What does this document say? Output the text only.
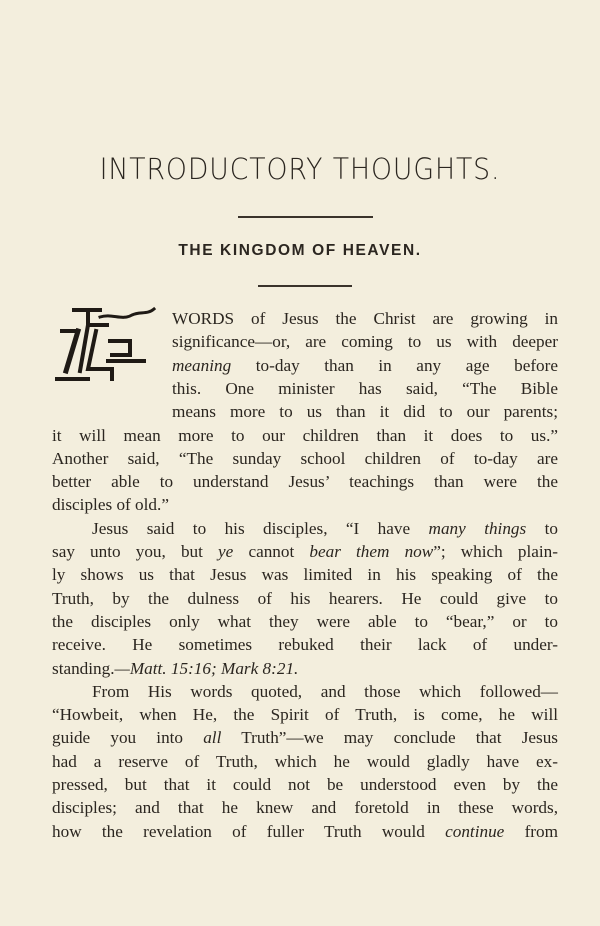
INTRODUCTORY THOUGHTS.
THE KINGDOM OF HEAVEN.
WORDS of Jesus the Christ are growing in
significance—or, are coming to us with deeper
meaning to-day than in any age before
this. One minister has said, “The Bible
means more to us than it did to our parents;
it will mean more to our children than it does to us.”
Another said, “The sunday school children of to-day are
better able to understand Jesus’ teachings than were the
disciples of old.”
Jesus said to his disciples, “I have many things to
say unto you, but ye cannot bear them now”; which plain-
ly shows us that Jesus was limited in his speaking of the
Truth, by the dulness of his hearers. He could give to
the disciples only what they were able to “bear,” or to
receive. He sometimes rebuked their lack of under-
standing.—Matt. 15:16; Mark 8:21.
From His words quoted, and those which followed—
“Howbeit, when He, the Spirit of Truth, is come, he will
guide you into all Truth”—we may conclude that Jesus
had a reserve of Truth, which he would gladly have ex-
pressed, but that it could not be understood even by the
disciples; and that he knew and foretold in these words,
how the revelation of fuller Truth would continue from
